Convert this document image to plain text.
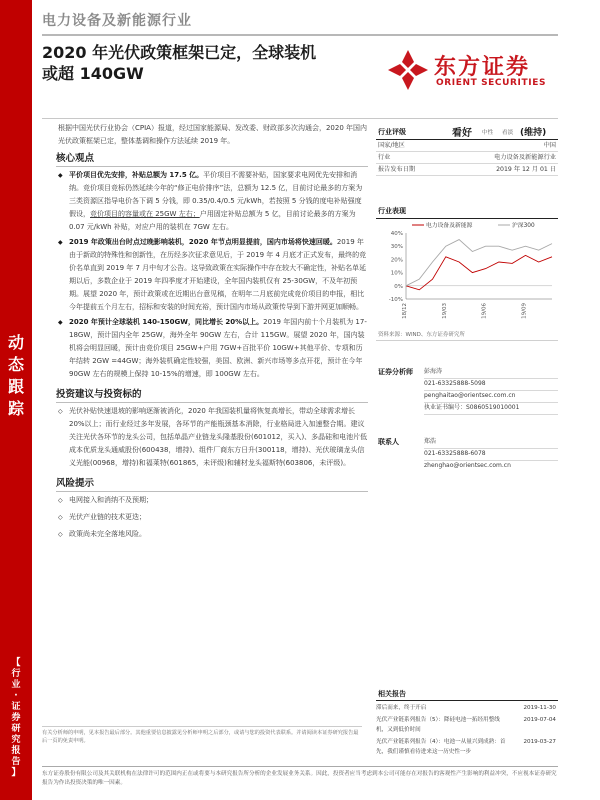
电力设备及新能源行业
2020 年光伏政策框架已定，全球装机
或超 140GW	东方证券
ORIENT SECURITIES
动
态
跟
踪
【
行
业
·
证
券
研
究
报
告
】

根据中国光伏行业协会（CPIA）报道，经过国家能源局、发改委、财政部多次沟通会，2020 年国内光伏政策框架已定，整体基调和操作方法延续 2019 年。

核心观点
◆ 平价项目优先安排，补贴总额为 17.5 亿。平价项目不需要补贴，国家要求电网优先安排和消纳。竞价项目竞标仍然延续今年的“修正电价排序”法，总额为 12.5 亿，目前讨论最多的方案为三类资源区指导电价各下调 5 分钱，即 0.35/0.4/0.5 元/kWh，若按照 5 分钱的度电补贴强度假设，竞价项目的容量或在 25GW 左右；户用固定补贴总额为 5 亿，目前讨论最多的方案为 0.07 元/kWh 补贴，对应户用的装机在 7GW 左右。
◆ 2019 年政策出台时点过晚影响装机，2020 年节点明显提前，国内市场将快速回暖。2019 年由于新政的特殊性和创新性，在历经多次征求意见后，于 2019 年 4 月底才正式发布，最终的竞价名单直到 2019 年 7 月中旬才公告。这导致政策在实际操作中存在较大不确定性，补贴名单延期以后，多数企业于 2019 年四季度才开始建设，全年国内装机仅有 25-30GW，不及年初预期。展望 2020 年，预计政策或在近期出台意见稿，在明年二月底前完成竞价项目的申报，相比今年提前五个月左右，招标和安装的时间充裕，预计国内市场从政策传导到下游并网更加顺畅。
◆ 2020 年预计全球装机 140-150GW，同比增长 20%以上。2019 年国内前十个月装机为 17-18GW，预计国内全年 25GW，海外全年 90GW 左右，合计 115GW。展望 2020 年，国内装机将会明显回暖，预计由竞价项目 25GW+户用 7GW+百批平价 10GW+其他平价、专项和历年结转 2GW =44GW；海外装机确定性较强，美国、欧洲、新兴市场等多点开花，预计在今年 90GW 左右的规模上保持 10-15%的增速，即 100GW 左右。
投资建议与投资标的
◇ 光伏补贴快速退坡的影响逐渐被消化，2020 年我国装机量将恢复高增长，带动全球需求增长 20%以上；而行业经过多年发展，各环节的产能瓶颈基本消除，行业格局进入加速整合期。建议关注光伏各环节的龙头公司，包括单晶产业链龙头隆基股份(601012，买入)、多晶硅和电池片低成本优质龙头通威股份(600438，增持)、组件厂商东方日升(300118，增持)、光伏玻璃龙头信义光能(00968，增持)和福莱特(601865，未评级)和辅材龙头福斯特(603806，未评级)。
风险提示
◇ 电网接入和消纳不及预期；
◇ 光伏产业链的技术更迭；
◇ 政策尚未完全落地风险。
行业评级	看好 中性 看淡 (维持)
国家/地区	中国
行业	电力设备及新能源行业
报告发布日期	2019 年 12 月 01 日
行业表现
40%
30%
20%
10%
0%
-10%
18/12	19/03	19/06	19/09
电力设备及新能源	沪深300
资料来源：WIND、东方证券研究所
证券分析师 彭海涛
021-63325888-5098
penghaitao@orientsec.com.cn
执业证书编号：S0860519010001
联系人	郑浩
021-63325888-6078
zhenghao@orientsec.com.cn
相关报告
滞后而来，终于开启	2019-11-30
光伏产业链系列报告（5）：降硅电池一拓经用整线机，又到低价时间
2019-07-04
光伏产业链系列报告（4）：电池一从量兴到成熟：首先，我们谨慎看待进来这一历史性一步
2019-03-27
有关分析师的申明，见本报告最后部分。其他重要信息披露见分析师申明之后部分，或请与您的投资代表联系。并请阅读本证券研究报告最后一页的免责申明。
东方证券股份有限公司及其关联机构在法律许可的范围内正在或将要与本研究报告所分析的企业发展业务关系。因此，投资者应当考虑到本公司可能存在对报告的客观性产生影响的利益冲突，不应视本证券研究报告为作出投资决策的唯一因素。
